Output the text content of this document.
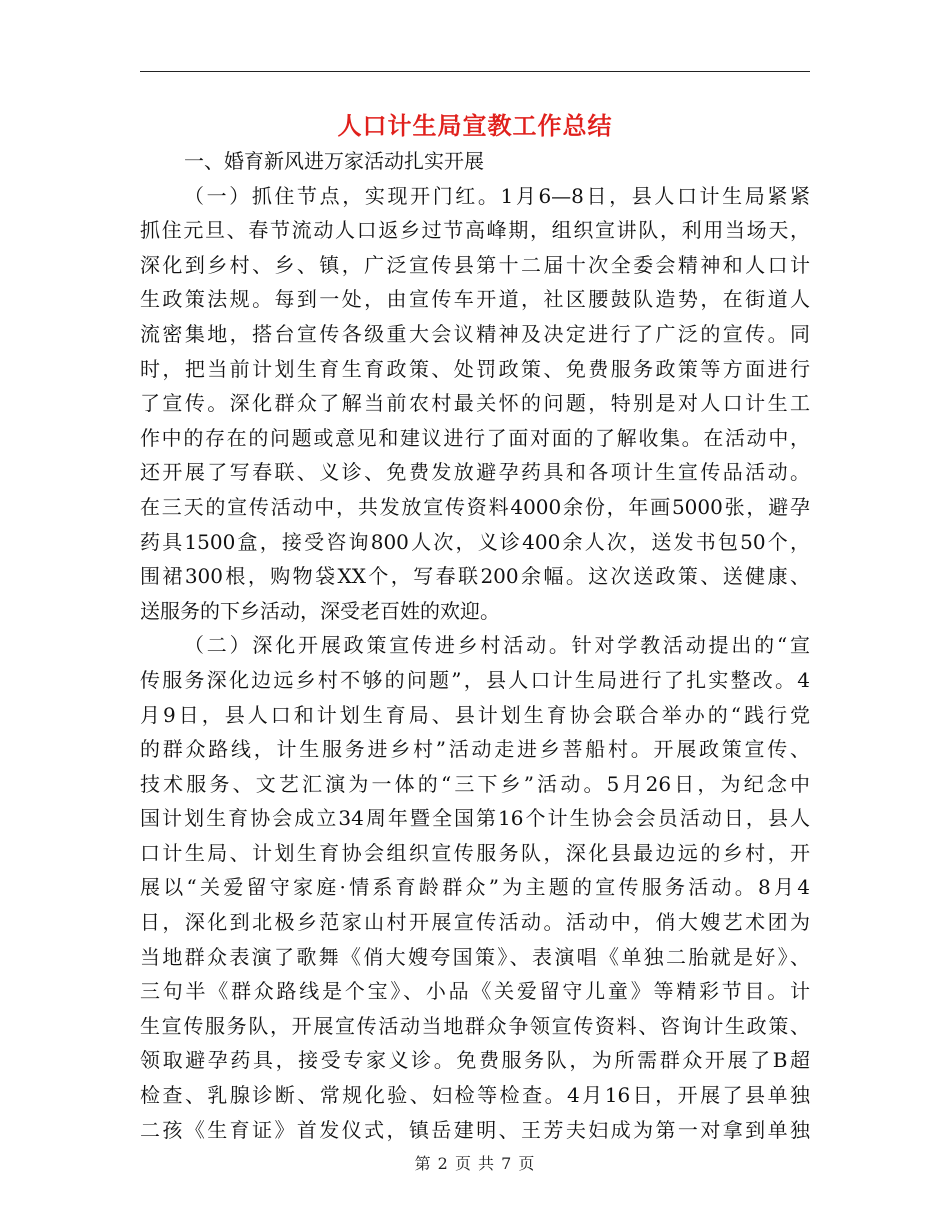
人口计生局宣教工作总结
一、婚育新风进万家活动扎实开展
（一）抓住节点，实现开门红。1月6—8日，县人口计生局紧紧
抓住元旦、春节流动人口返乡过节高峰期，组织宣讲队，利用当场天，
深化到乡村、乡、镇，广泛宣传县第十二届十次全委会精神和人口计
生政策法规。每到一处，由宣传车开道，社区腰鼓队造势，在街道人
流密集地，搭台宣传各级重大会议精神及决定进行了广泛的宣传。同
时，把当前计划生育生育政策、处罚政策、免费服务政策等方面进行
了宣传。深化群众了解当前农村最关怀的问题，特别是对人口计生工
作中的存在的问题或意见和建议进行了面对面的了解收集。在活动中，
还开展了写春联、义诊、免费发放避孕药具和各项计生宣传品活动。
在三天的宣传活动中，共发放宣传资料4000余份，年画5000张，避孕
药具1500盒，接受咨询800人次，义诊400余人次，送发书包50个，
围裙300根，购物袋XX个，写春联200余幅。这次送政策、送健康、
送服务的下乡活动，深受老百姓的欢迎。
（二）深化开展政策宣传进乡村活动。针对学教活动提出的“宣
传服务深化边远乡村不够的问题”，县人口计生局进行了扎实整改。4
月9日，县人口和计划生育局、县计划生育协会联合举办的“践行党
的群众路线，计生服务进乡村”活动走进乡菩船村。开展政策宣传、
技术服务、文艺汇演为一体的“三下乡”活动。5月26日，为纪念中
国计划生育协会成立34周年暨全国第16个计生协会会员活动日，县人
口计生局、计划生育协会组织宣传服务队，深化县最边远的乡村，开
展以“关爱留守家庭·情系育龄群众”为主题的宣传服务活动。8月4
日，深化到北极乡范家山村开展宣传活动。活动中，俏大嫂艺术团为
当地群众表演了歌舞《俏大嫂夸国策》、表演唱《单独二胎就是好》、
三句半《群众路线是个宝》、小品《关爱留守儿童》等精彩节目。计
生宣传服务队，开展宣传活动当地群众争领宣传资料、咨询计生政策、
领取避孕药具，接受专家义诊。免费服务队，为所需群众开展了B超
检查、乳腺诊断、常规化验、妇检等检查。4月16日，开展了县单独
二孩《生育证》首发仪式，镇岳建明、王芳夫妇成为第一对拿到单独
第 2 页 共 7 页
